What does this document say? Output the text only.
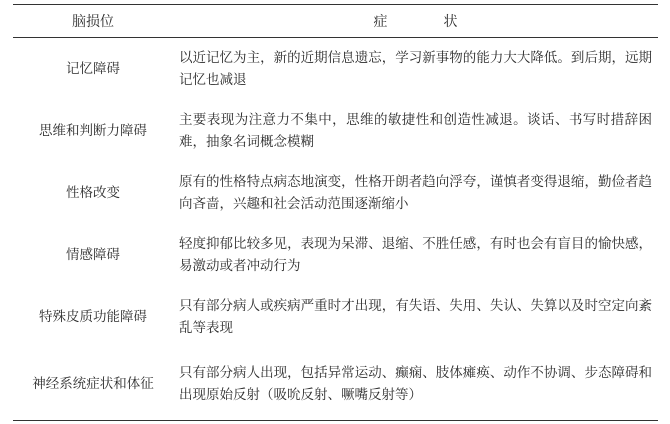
脑损位	症状
记忆障碍	以近记忆为主，新的近期信息遗忘，学习新事物的能力大大降低。到后期，远期记忆也减退
思维和判断力障碍	主要表现为注意力不集中，思维的敏捷性和创造性减退。谈话、书写时措辞困难，抽象名词概念模糊
性格改变	原有的性格特点病态地演变，性格开朗者趋向浮夸，谨慎者变得退缩，勤俭者趋向吝啬，兴趣和社会活动范围逐渐缩小
情感障碍	轻度抑郁比较多见，表现为呆滞、退缩、不胜任感，有时也会有盲目的愉快感，易激动或者冲动行为
特殊皮质功能障碍	只有部分病人或疾病严重时才出现，有失语、失用、失认、失算以及时空定向紊乱等表现
神经系统症状和体征	只有部分病人出现，包括异常运动、癫痫、肢体瘫痪、动作不协调、步态障碍和出现原始反射（吸吮反射、噘嘴反射等）
